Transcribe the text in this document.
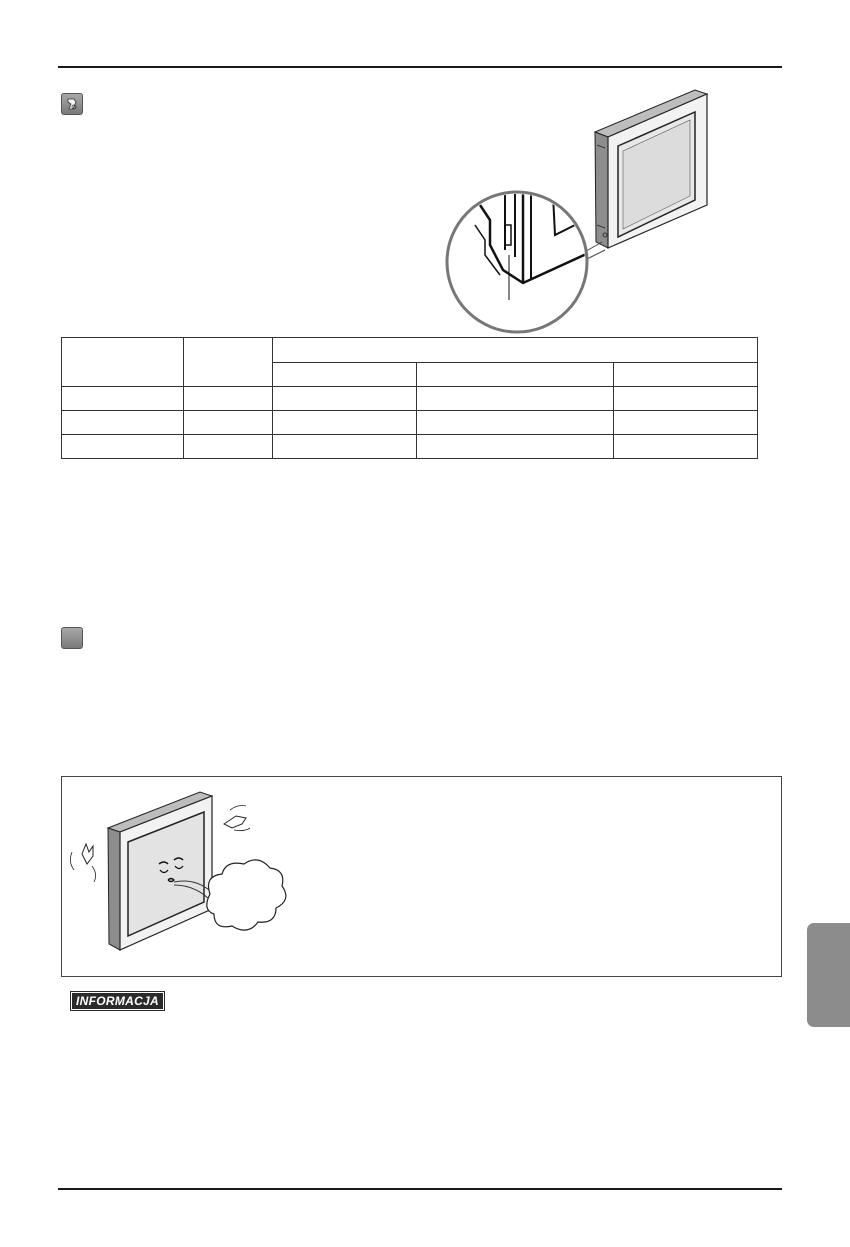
INFORMACJA
